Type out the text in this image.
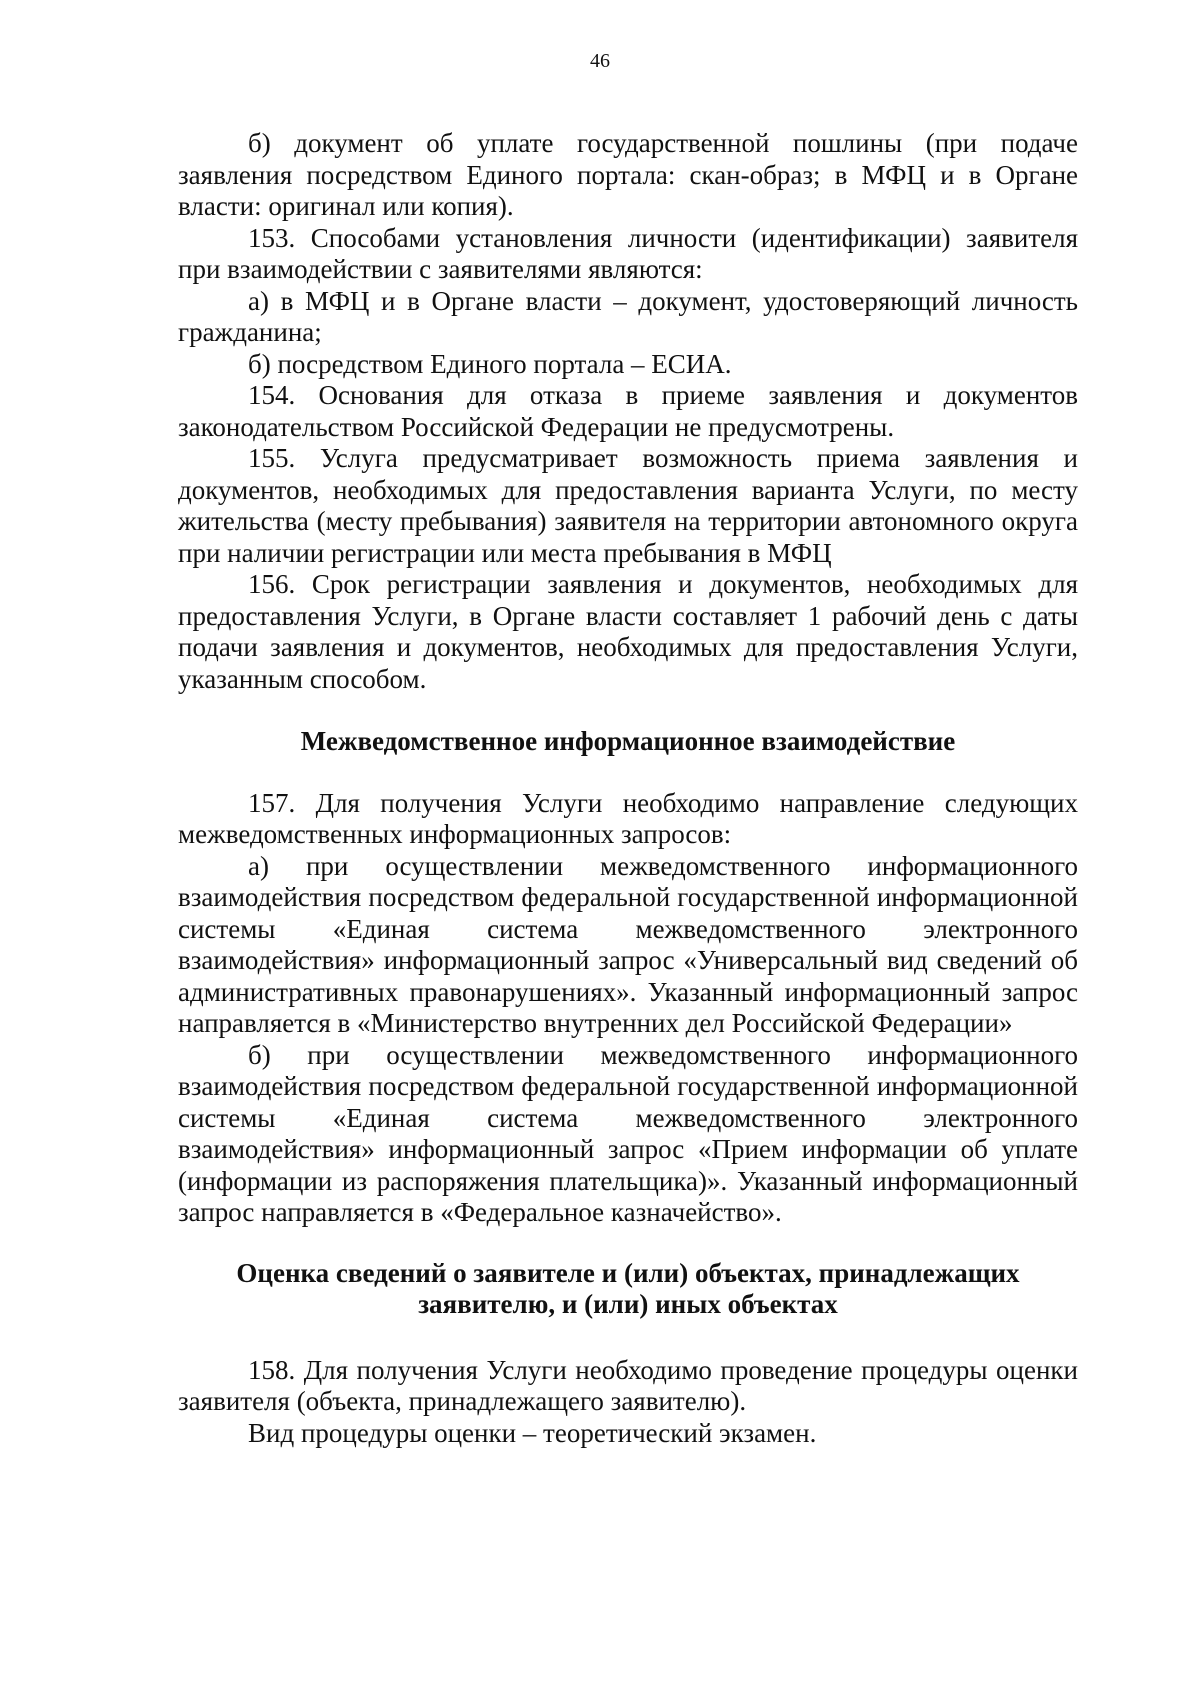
46

б) документ об уплате государственной пошлины (при подаче заявления посредством Единого портала: скан-образ; в МФЦ и в Органе власти: оригинал или копия).

153. Способами установления личности (идентификации) заявителя при взаимодействии с заявителями являются:

а) в МФЦ и в Органе власти – документ, удостоверяющий личность гражданина;

б) посредством Единого портала – ЕСИА.

154. Основания для отказа в приеме заявления и документов законодательством Российской Федерации не предусмотрены.

155. Услуга предусматривает возможность приема заявления и документов, необходимых для предоставления варианта Услуги, по месту жительства (месту пребывания) заявителя на территории автономного округа при наличии регистрации или места пребывания в МФЦ

156. Срок регистрации заявления и документов, необходимых для предоставления Услуги, в Органе власти составляет 1 рабочий день с даты подачи заявления и документов, необходимых для предоставления Услуги, указанным способом.

Межведомственное информационное взаимодействие

157. Для получения Услуги необходимо направление следующих межведомственных информационных запросов:

а) при осуществлении межведомственного информационного взаимодействия посредством федеральной государственной информационной системы «Единая система межведомственного электронного взаимодействия» информационный запрос «Универсальный вид сведений об административных правонарушениях». Указанный информационный запрос направляется в «Министерство внутренних дел Российской Федерации»

б) при осуществлении межведомственного информационного взаимодействия посредством федеральной государственной информационной системы «Единая система межведомственного электронного взаимодействия» информационный запрос «Прием информации об уплате (информации из распоряжения плательщика)». Указанный информационный запрос направляется в «Федеральное казначейство».

Оценка сведений о заявителе и (или) объектах, принадлежащих заявителю, и (или) иных объектах

158. Для получения Услуги необходимо проведение процедуры оценки заявителя (объекта, принадлежащего заявителю).

Вид процедуры оценки – теоретический экзамен.
